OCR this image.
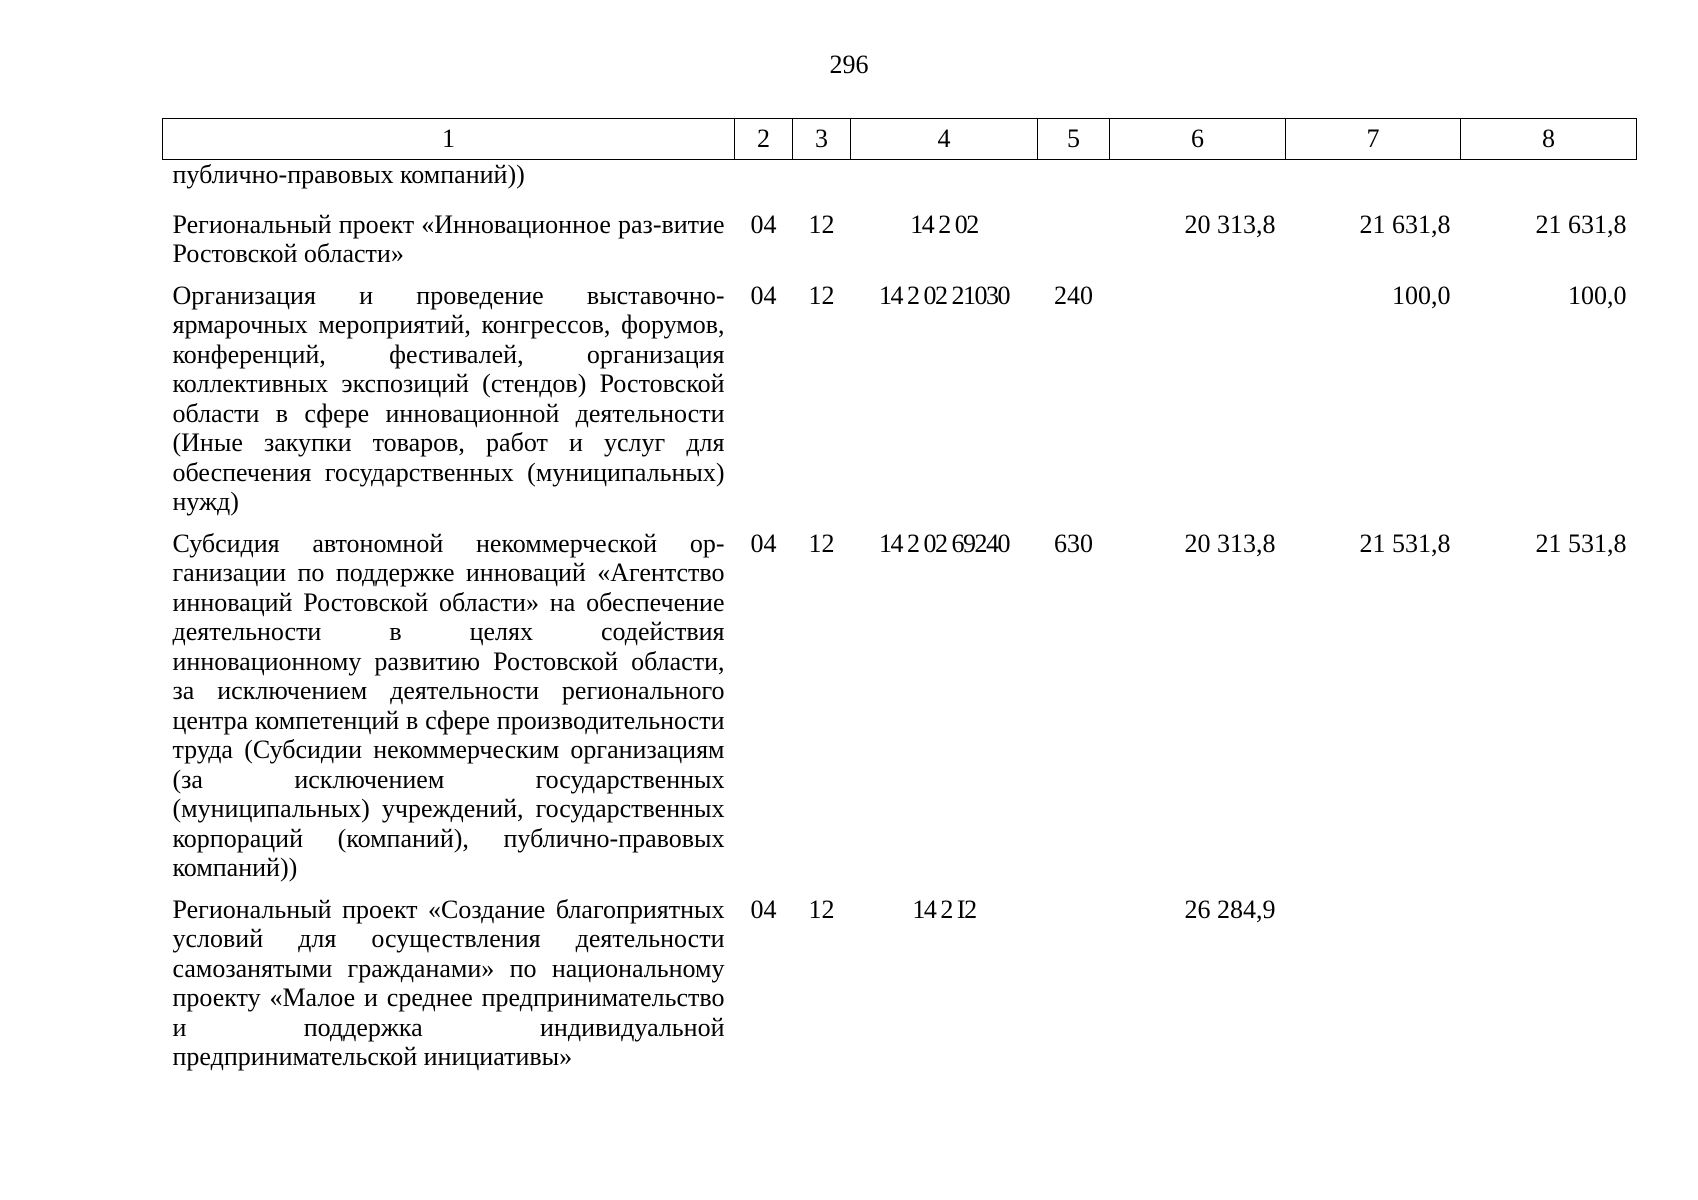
296
1	2	3	4	5	6	7	8
публично-правовых компаний))							
Региональный проект «Инновационное раз-витие Ростовской области»	04	12	14 2 02		20 313,8	21 631,8	21 631,8
Организация и проведение выставочно-ярмарочных мероприятий, конгрессов, форумов, конференций, фестивалей, организация коллективных экспозиций (стендов) Ростовской области в сфере инновационной деятельности (Иные закупки товаров, работ и услуг для обеспечения государственных (муниципальных) нужд)	04	12	14 2 02 21030	240		100,0	100,0
Субсидия автономной некоммерческой организации по поддержке инноваций «Агентство инноваций Ростовской области» на обеспечение деятельности в целях содействия инновационному развитию Ростовской области, за исключением деятельности регионального центра компетенций в сфере производительности труда (Субсидии некоммерческим организациям (за исключением государственных (муниципальных) учреждений, государственных корпораций (компаний), публично-правовых компаний))	04	12	14 2 02 69240	630	20 313,8	21 531,8	21 531,8
Региональный проект «Создание благоприятных условий для осуществления деятельности самозанятыми гражданами» по национальному проекту «Малое и среднее предпринимательство и поддержка индивидуальной предпринимательской инициативы»	04	12	14 2 I2		26 284,9		
